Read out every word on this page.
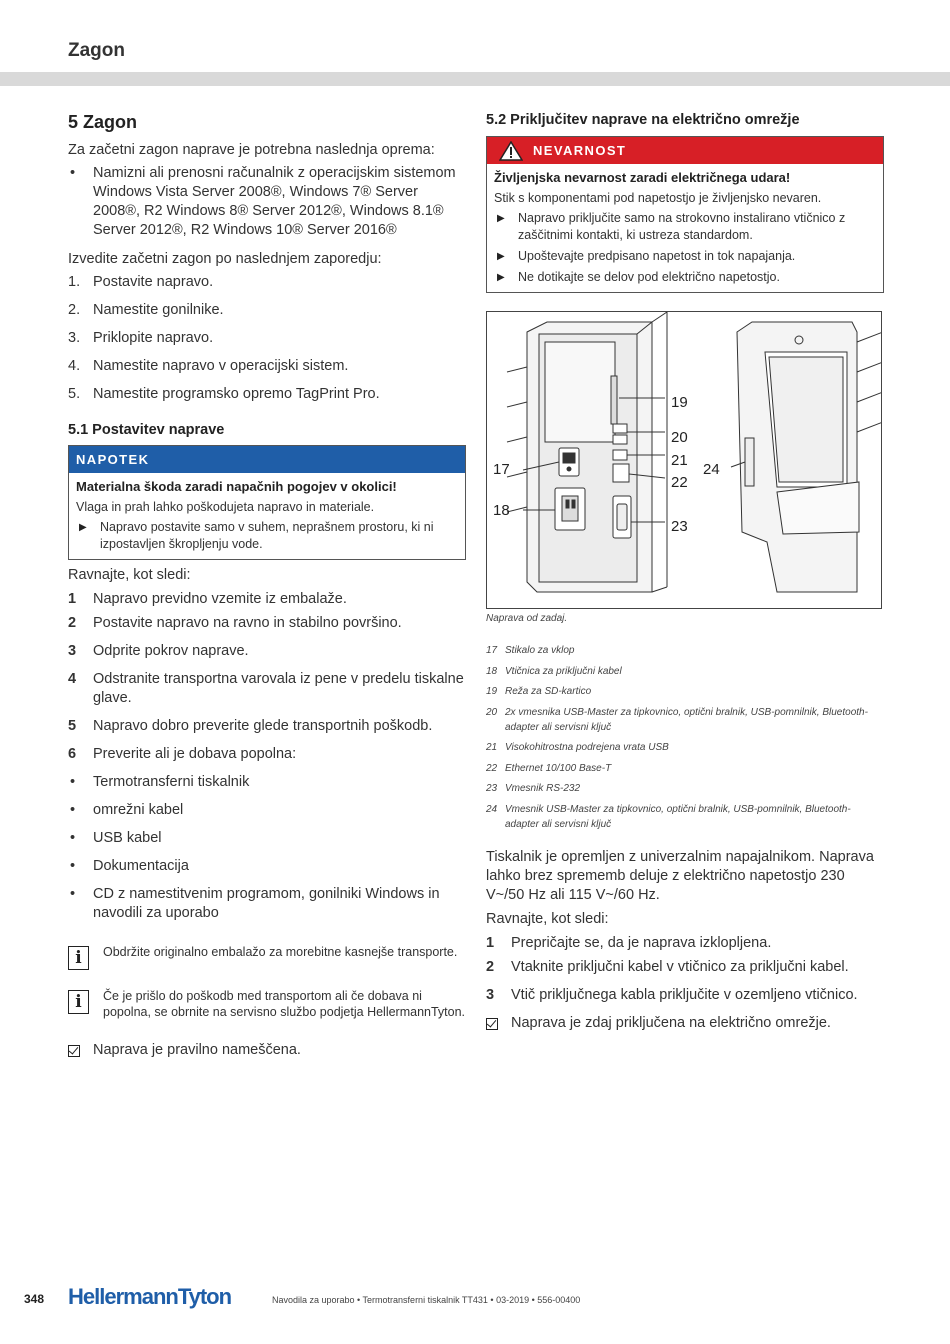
Zagon
5 Zagon

Za začetni zagon naprave je potrebna naslednja oprema:

• Namizni ali prenosni računalnik z operacijskim sistemom Windows Vista Server 2008®, Windows 7® Server 2008®, R2 Windows 8® Server 2012®, Windows 8.1® Server 2012®, R2 Windows 10® Server 2016®

Izvedite začetni zagon po naslednjem zaporedju:

1. Postavite napravo.
2. Namestite gonilnike.
3. Priklopite napravo.
4. Namestite napravo v operacijski sistem.
5. Namestite programsko opremo TagPrint Pro.
5.1 Postavitev naprave
NAPOTEK
Materialna škoda zaradi napačnih pogojev v okolici!
Vlaga in prah lahko poškodujeta napravo in materiale.
▶ Napravo postavite samo v suhem, neprašnem prostoru, ki ni izpostavljen škropljenju vode.

Ravnajte, kot sledi:

1	Napravo previdno vzemite iz embalaže.
2	Postavite napravo na ravno in stabilno površino.
3	Odprite pokrov naprave.
4	Odstranite transportna varovala iz pene v predelu tiskalne glave.
5	Napravo dobro preverite glede transportnih poškodb.
6	Preverite ali je dobava popolna:
• Termotransferni tiskalnik
• omrežni kabel
• USB kabel
• Dokumentacija
• CD z namestitvenim programom, gonilniki Windows in navodili za uporabo
i	Obdržite originalno embalažo za morebitne kasnejše transporte.
i	Če je prišlo do poškodb med transportom ali če dobava ni popolna, se obrnite na servisno službo podjetja HellermannTyton.

Naprava je pravilno nameščena.

5.2 Priključitev naprave na električno omrežje
NEVARNOST
Življenjska nevarnost zaradi električnega udara!
Stik s komponentami pod napetostjo je življenjsko nevaren.
▶ Napravo priključite samo na strokovno instalirano vtičnico z zaščitnimi kontakti, ki ustreza standardom.
▶ Upoštevajte predpisano napetost in tok napajanja.
▶ Ne dotikajte se delov pod električno napetostjo.
17
18
19
20
21
22
23
24
Naprava od zadaj.
17 Stikalo za vklop
18 Vtičnica za priključni kabel
19 Reža za SD-kartico
20 2x vmesnika USB-Master za tipkovnico, optični bralnik, USB-pomnilnik, Bluetooth-adapter ali servisni ključ
21 Visokohitrostna podrejena vrata USB
22 Ethernet 10/100 Base-T
23 Vmesnik RS-232
24 Vmesnik USB-Master za tipkovnico, optični bralnik, USB-pomnilnik, Bluetooth-adapter ali servisni ključ

Tiskalnik je opremljen z univerzalnim napajalnikom. Naprava lahko brez sprememb deluje z električno napetostjo 230 V~/50 Hz ali 115 V~/60 Hz.

Ravnajte, kot sledi:

1	Prepričajte se, da je naprava izklopljena.
2	Vtaknite priključni kabel v vtičnico za priključni kabel.
3	Vtič priključnega kabla priključite v ozemljeno vtičnico.

Naprava je zdaj priključena na električno omrežje.

348 HellermannTyton	Navodila za uporabo • Termotransferni tiskalnik TT431 • 03-2019 • 556-00400
